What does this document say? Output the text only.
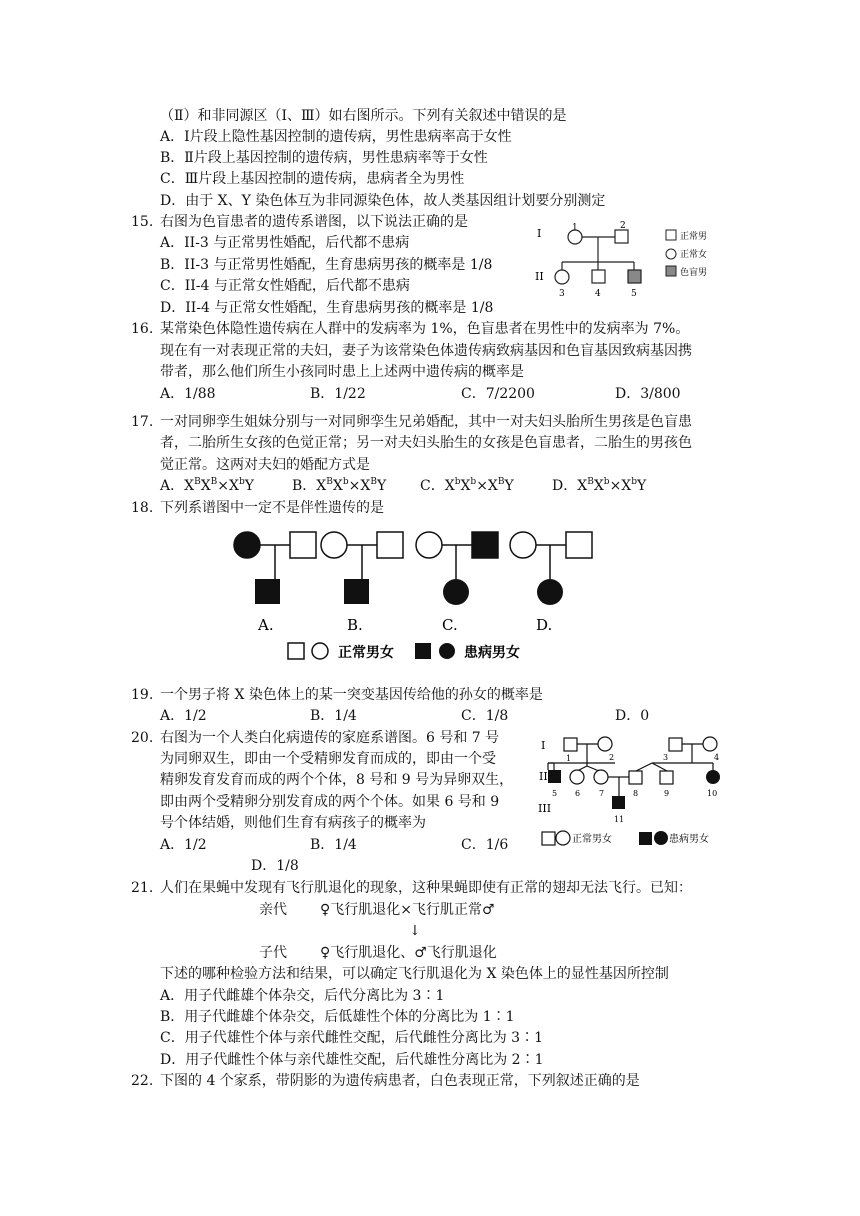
（Ⅱ）和非同源区（Ⅰ、Ⅲ）如右图所示。下列有关叙述中错误的是
A．Ⅰ片段上隐性基因控制的遗传病，男性患病率高于女性
B．Ⅱ片段上基因控制的遗传病，男性患病率等于女性
C．Ⅲ片段上基因控制的遗传病，患病者全为男性
D．由于 X、Y 染色体互为非同源染色体，故人类基因组计划要分别测定
15. 右图为色盲患者的遗传系谱图，以下说法正确的是
A．II-3 与正常男性婚配，后代都不患病
B．II-3 与正常男性婚配，生育患病男孩的概率是 1/8
C．II-4 与正常女性婚配，后代都不患病
D．II-4 与正常女性婚配，生育患病男孩的概率是 1/8
I
II
1	2
3	4	5
正常男
正常女
色盲男
16. 某常染色体隐性遗传病在人群中的发病率为 1%，色盲患者在男性中的发病率为 7%。
现在有一对表现正常的夫妇，妻子为该常染色体遗传病致病基因和色盲基因致病基因携
带者，那么他们所生小孩同时患上上述两中遗传病的概率是
A．1/88	B．1/22	C．7/2200	D．3/800
17. 一对同卵孪生姐妹分别与一对同卵孪生兄弟婚配，其中一对夫妇头胎所生男孩是色盲患
者，二胎所生女孩的色觉正常；另一对夫妇头胎生的女孩是色盲患者，二胎生的男孩色
觉正常。这两对夫妇的婚配方式是
A．$X^BX^B\times X^bY$	B．$X^BX^b\times X^BY$ C．$X^bX^b\times X^BY$	D．$X^BX^b\times X^bY$
18. 下列系谱图中一定不是伴性遗传的是
A.	B.	C.	D.
正常男女	患病男女
19. 一个男子将 X 染色体上的某一突变基因传给他的孙女的概率是
A．1/2	B．1/4	C．1/8	D．0
20. 右图为一个人类白化病遗传的家庭系谱图。6 号和 7 号
为同卵双生，即由一个受精卵发育而成的，即由一个受
精卵发育发育而成的两个个体，8 号和 9 号为异卵双生，
即由两个受精卵分别发育成的两个个体。如果 6 号和 9
号个体结婚，则他们生育有病孩子的概率为
A．1/2	B．1/4	C．1/6
D．1/8
I
II
III
1	2	3	4
5 6 7	8	9	10
11
正常男女	患病男女
21. 人们在果蝇中发现有飞行肌退化的现象，这种果蝇即使有正常的翅却无法飞行。已知：
亲代 ♀飞行肌退化×飞行肌正常♂
↓
子代 ♀飞行肌退化、♂飞行肌退化
下述的哪种检验方法和结果，可以确定飞行肌退化为 X 染色体上的显性基因所控制
A．用子代雌雄个体杂交，后代分离比为 3∶1
B．用子代雌雄个体杂交，后低雄性个体的分离比为 1∶1
C．用子代雄性个体与亲代雌性交配，后代雌性分离比为 3∶1
D．用子代雌性个体与亲代雄性交配，后代雄性分离比为 2∶1
22. 下图的 4 个家系，带阴影的为遗传病患者，白色表现正常，下列叙述正确的是
